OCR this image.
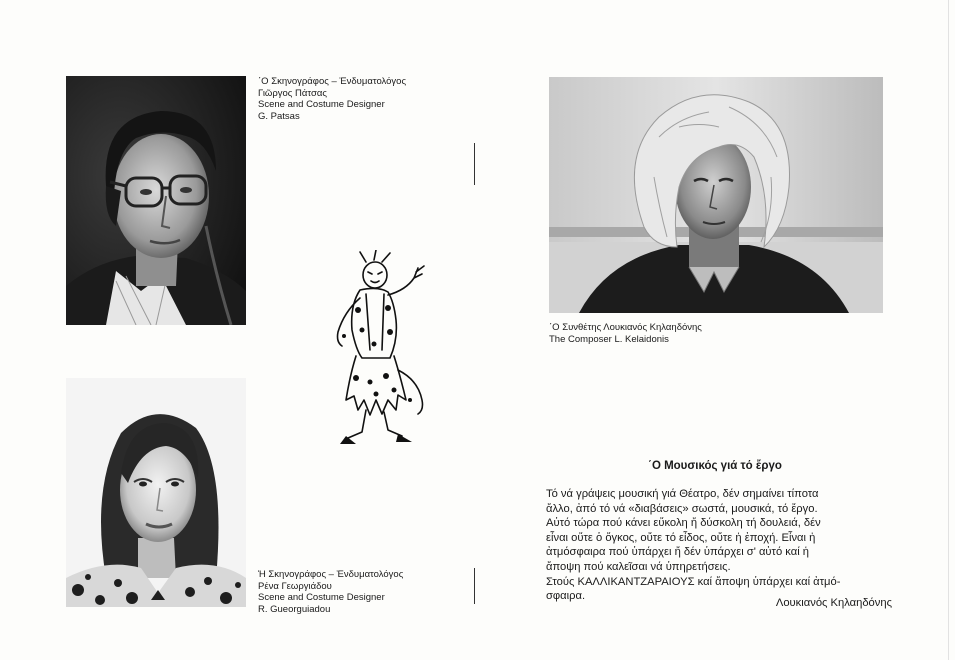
΄Ο Σκηνογράφος – Ἐνδυματολόγος
Γιῶργος Πάτσας
Scene and Costume Designer
G. Patsas
Ἡ Σκηνογράφος – Ἐνδυματολόγος
Ρένα Γεωργιάδου
Scene and Costume Designer
R. Gueorguiadou
΄Ο Συνθέτης Λουκιανός Κηλαηδόνης
The Composer L. Kelaidonis
΄Ο Μουσικός γιά τό ἔργο

Τό νά γράψεις μουσική γιά Θέατρο, δέν σημαίνει τίποτα

ἄλλο, ἀπό τό νά «διαβάσεις» σωστά, μουσικά, τό ἔργο.

Αὐτό τώρα πού κάνει εὔκολη ἤ δύσκολη τή δουλειά, δέν

εἶναι οὔτε ὁ ὄγκος, οὔτε τό εἶδος, οὔτε ἡ ἐποχή. Εἶναι ἡ

ἀτμόσφαιρα πού ὑπάρχει ἤ δέν ὑπάρχει σ' αὐτό καί ἡ

ἄποψη πού καλεῖσαι νά ὑπηρετήσεις.

Στούς ΚΑΛΛΙΚΑΝΤΖΑΡΑΙΟΥΣ καί ἄποψη ὑπάρχει καί ἀτμό-

σφαιρα.

Λουκιανός Κηλαηδόνης
